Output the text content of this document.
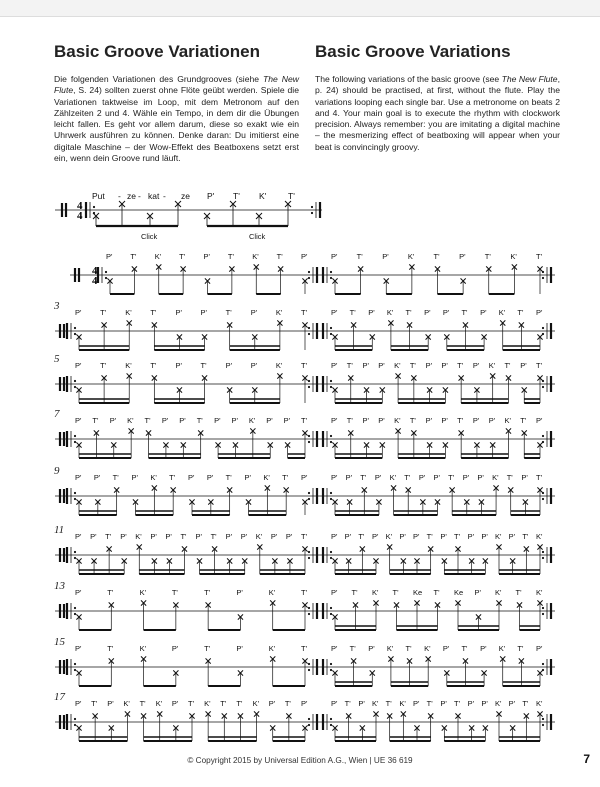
Basic Groove Variationen	Basic Groove Variations
Die folgenden Variationen des Grundgrooves (siehe The New Flute, S. 24) sollten zuerst ohne Flöte geübt werden. Spiele die Variationen taktweise im Loop, mit dem Metronom auf den Zählzeiten 2 und 4. Wähle ein Tempo, in dem dir die Übungen leicht fallen. Es geht vor allem darum, diese so exakt wie ein Uhrwerk ausführen zu können. Denke daran: Du imitierst eine digitale Maschine – der Wow-Effekt des Beatboxens setzt erst ein, wenn dein Groove rund läuft.
The following variations of the basic groove (see The New Flute, p. 24) should be practised, at first, without the flute. Play the variations looping each single bar. Use a metronome on beats 2 and 4. Your main goal is to execute the rhythm with clockwork precision. Always remember: you are imitating a digital machine – the mesmerizing effect of beatboxing will appear when your beat is convincingly groovy.
4
4
Put - ze - kat - ze P' T' K'	T'
Click	Click
4
4
P' T' K' T' P' T' K' T' P'	P'	T'	P'	K'	T'	P'	T'	K'	T'
P' T'	K' T'	P' P' T'	P' K' T'	P' T' P' K' T' P' P' T' P' K' T' P'
P' T'	K' T'	P' T'	P' P' K' T'	P' T' P' P' K' T' P' P' T' P' K' T' P' T'
P' T' P' K' T' P' P' T' P' P' K' P' P' T'	P' T' P' P' K' T' P' P' T' P' P' K' T' P'
P' P' T' P' K' T' P' P' T' P' K' T' P'	P' P' T' P' K' T' P' P' T' P' P' K' T' P' T'
P' P' T' P' K' P' P' T' P' T' P' P' K' P' P' T'	P' P' T' P' K' P' P' T' P' T' P' P' K' P' T' K'
P'	T'	K'	T'	T'	P'	K'	T'	P' T' K' T' Ke T' Ke P' K' T' K'
P'	T'	K'	P'	T'	P'	K'	T'	P' T' P' K' T' K' P' T' P' K' T' P'
P' T' P' K' T' K' P' T' K' T' T' K' P' T' P'	P' T' P' K' T' K' P' T' P' T' P' P' K' P' T' K'
3
5
7
9
11
13
15
17
© Copyright 2015 by Universal Edition A.G., Wien | UE 36 619	7
